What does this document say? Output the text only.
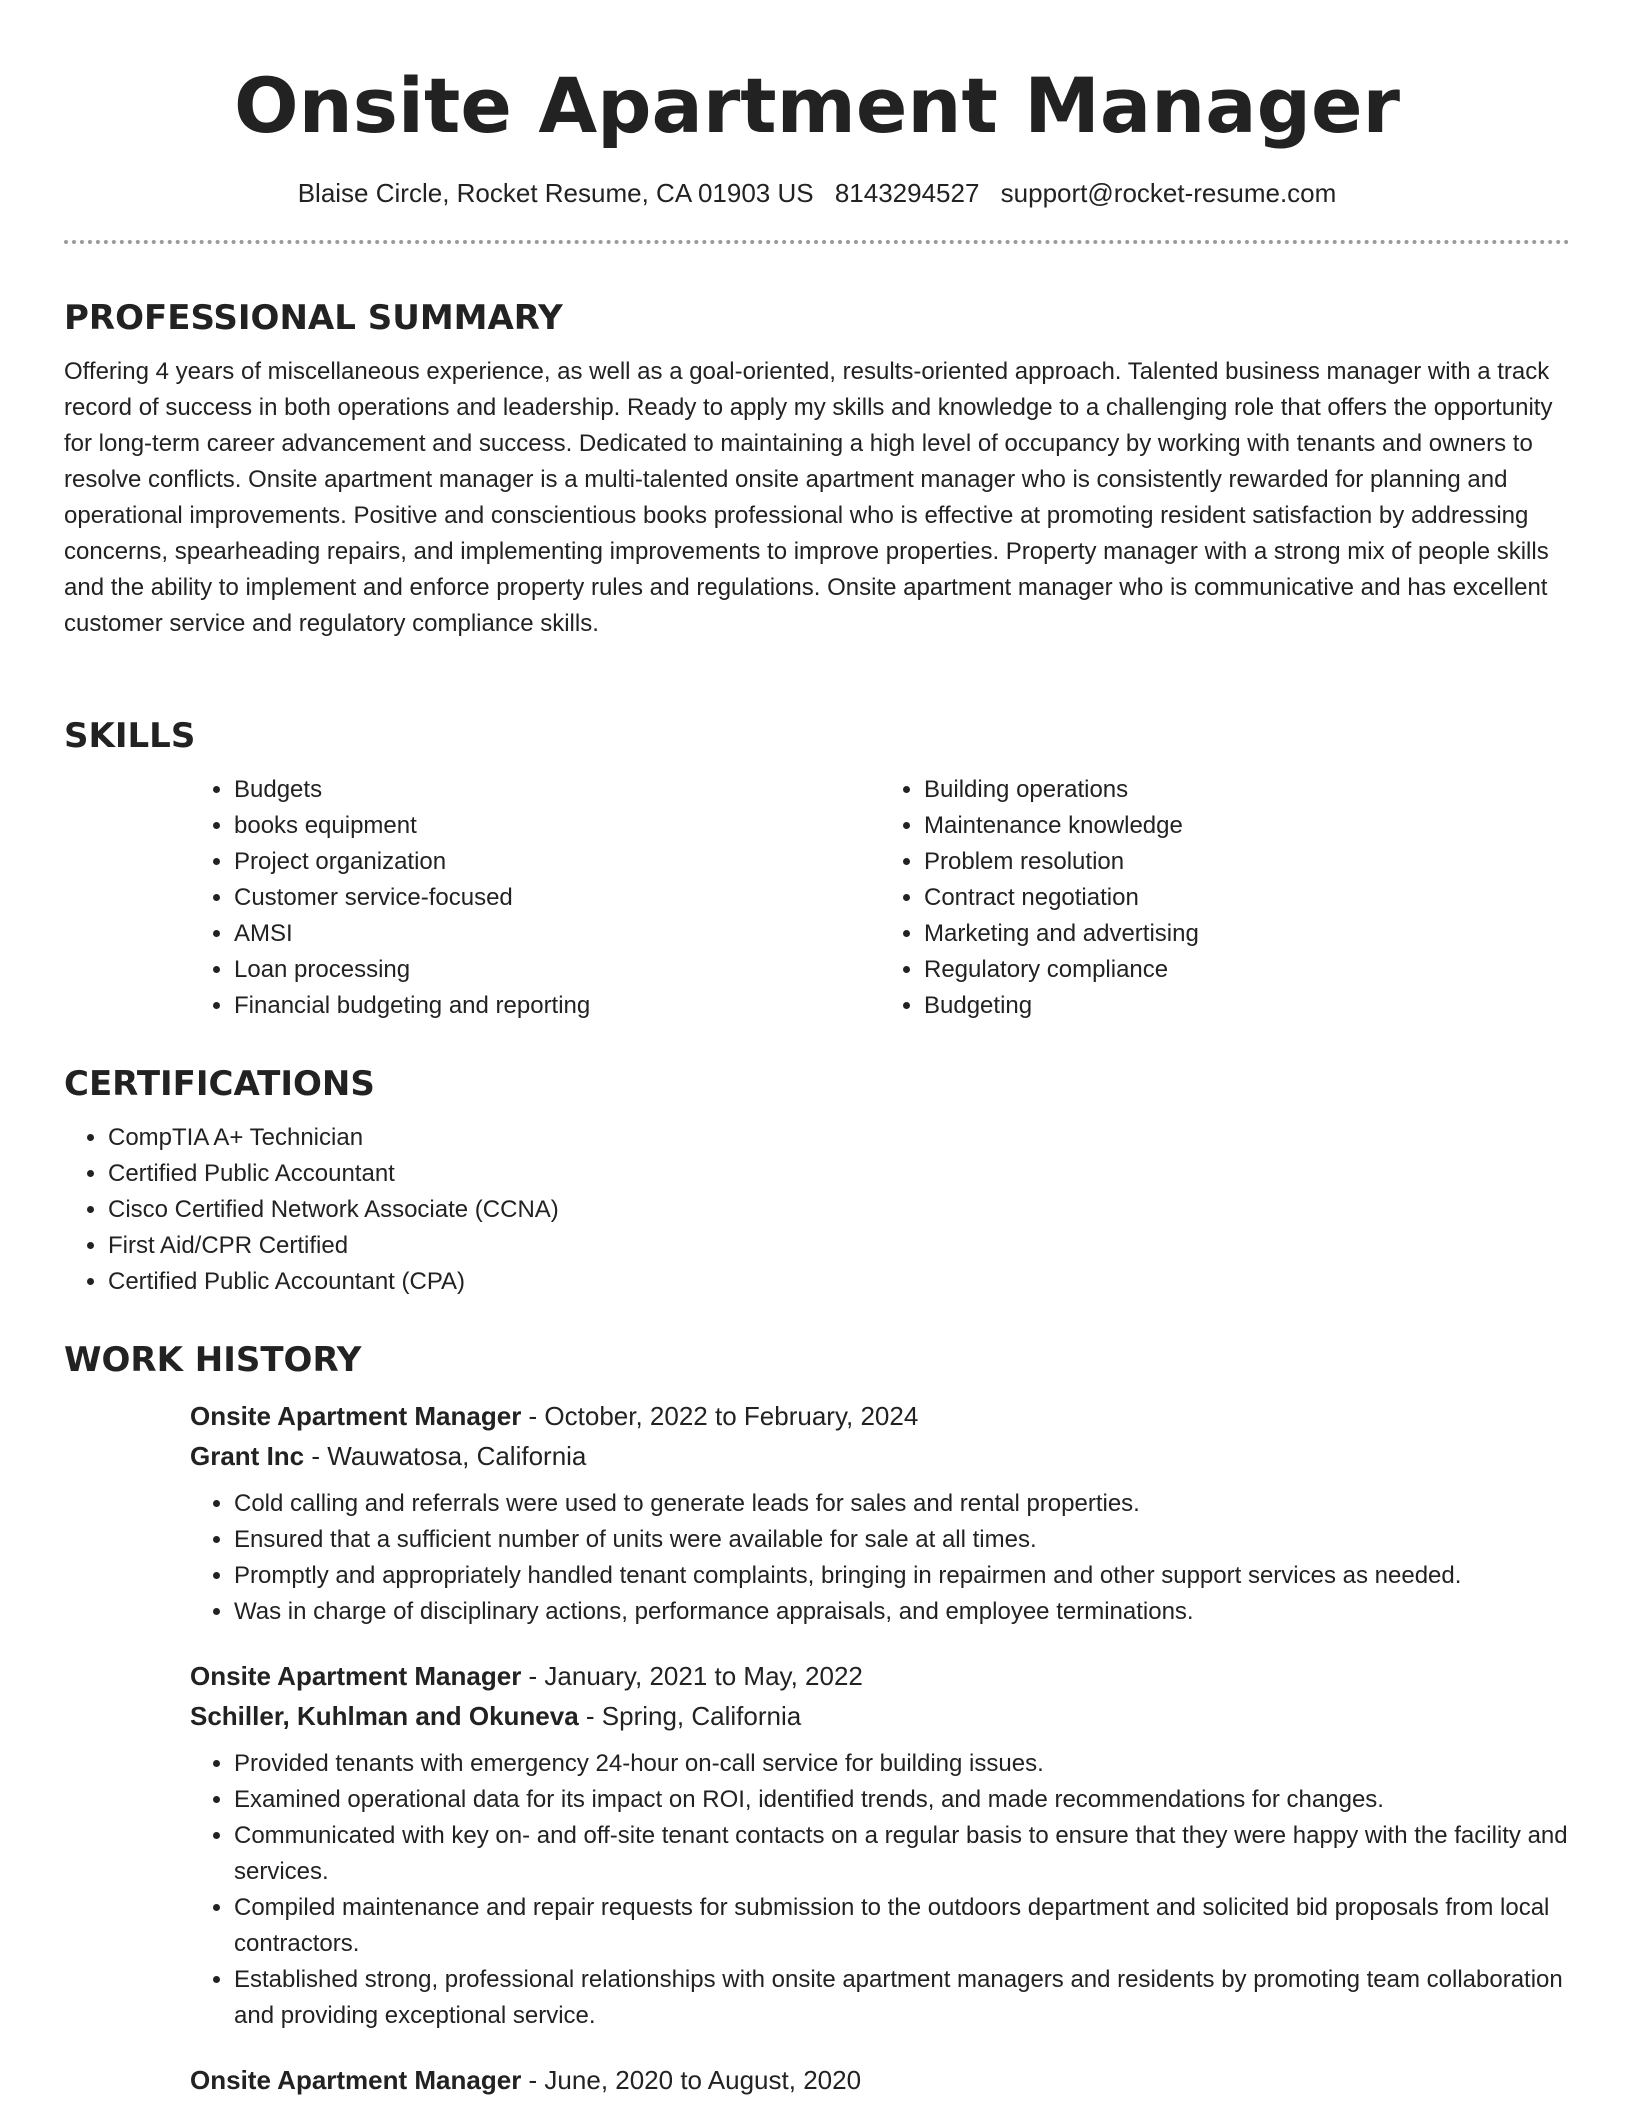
Onsite Apartment Manager
Blaise Circle, Rocket Resume, CA 01903 US 8143294527 support@rocket-resume.com
PROFESSIONAL SUMMARY

Offering 4 years of miscellaneous experience, as well as a goal-oriented, results-oriented approach. Talented business manager with a track record of success in both operations and leadership. Ready to apply my skills and knowledge to a challenging role that offers the opportunity for long-term career advancement and success. Dedicated to maintaining a high level of occupancy by working with tenants and owners to resolve conflicts. Onsite apartment manager is a multi-talented onsite apartment manager who is consistently rewarded for planning and operational improvements. Positive and conscientious books professional who is effective at promoting resident satisfaction by addressing concerns, spearheading repairs, and implementing improvements to improve properties. Property manager with a strong mix of people skills and the ability to implement and enforce property rules and regulations. Onsite apartment manager who is communicative and has excellent customer service and regulatory compliance skills.

SKILLS
• Budgets
• books equipment
• Project organization
• Customer service-focused
• AMSI
• Loan processing
• Financial budgeting and reporting
• Building operations
• Maintenance knowledge
• Problem resolution
• Contract negotiation
• Marketing and advertising
• Regulatory compliance
• Budgeting
CERTIFICATIONS
• CompTIA A+ Technician
• Certified Public Accountant
• Cisco Certified Network Associate (CCNA)
• First Aid/CPR Certified
• Certified Public Accountant (CPA)
WORK HISTORY
Onsite Apartment Manager - October, 2022 to February, 2024
Grant Inc - Wauwatosa, California
• Cold calling and referrals were used to generate leads for sales and rental properties.
• Ensured that a sufficient number of units were available for sale at all times.
• Promptly and appropriately handled tenant complaints, bringing in repairmen and other support services as needed.
• Was in charge of disciplinary actions, performance appraisals, and employee terminations.
Onsite Apartment Manager - January, 2021 to May, 2022
Schiller, Kuhlman and Okuneva - Spring, California
• Provided tenants with emergency 24-hour on-call service for building issues.
• Examined operational data for its impact on ROI, identified trends, and made recommendations for changes.
• Communicated with key on- and off-site tenant contacts on a regular basis to ensure that they were happy with the facility and services.
• Compiled maintenance and repair requests for submission to the outdoors department and solicited bid proposals from local contractors.
• Established strong, professional relationships with onsite apartment managers and residents by promoting team collaboration and providing exceptional service.
Onsite Apartment Manager - June, 2020 to August, 2020
